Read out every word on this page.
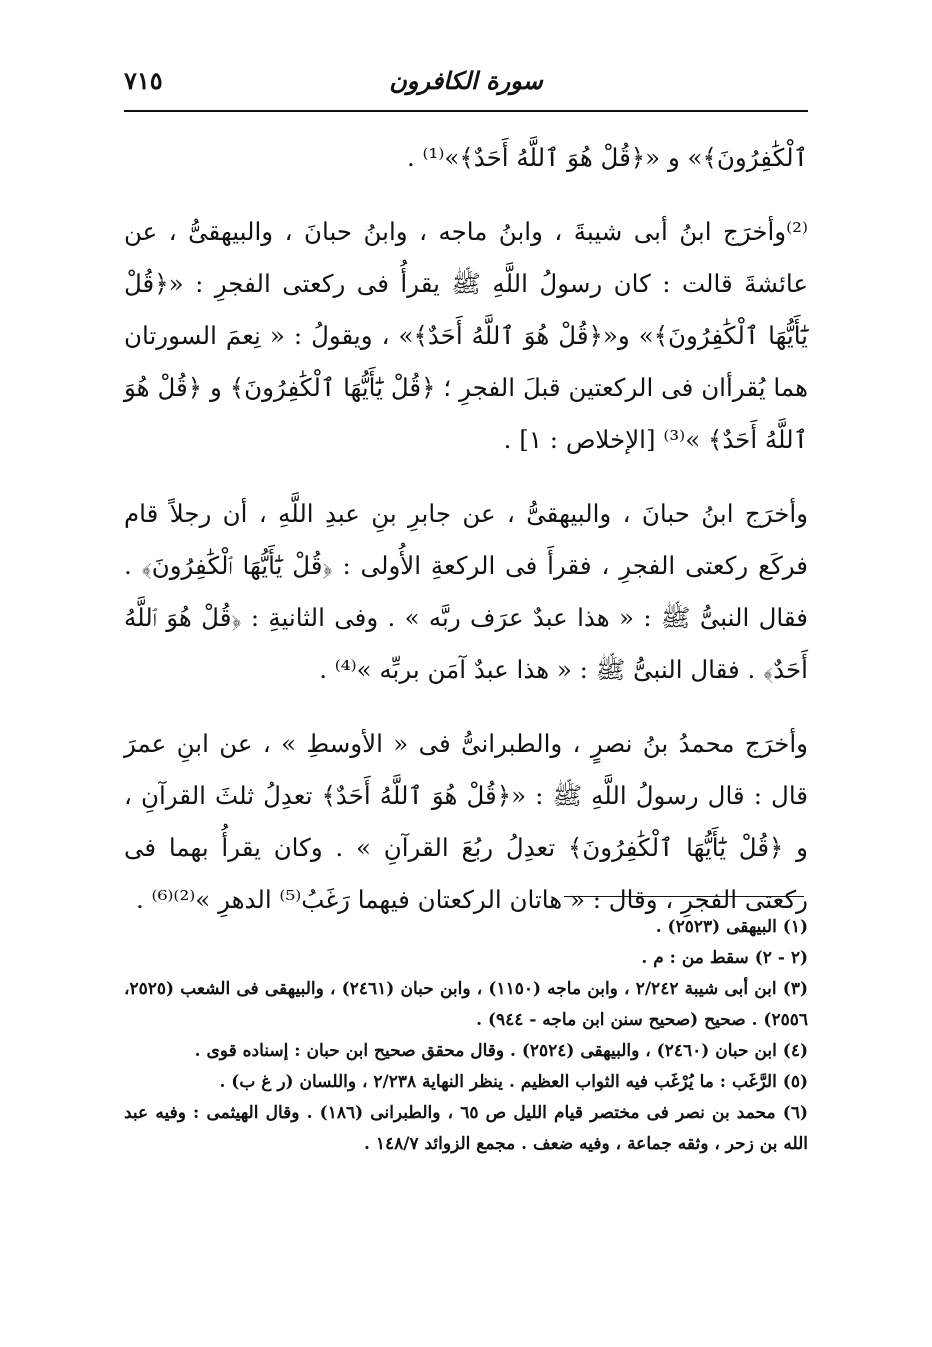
٧١٥	سورة الكافرون

ٱلْكَٰفِرُونَ﴾» و «﴿قُلْ هُوَ ٱللَّهُ أَحَدٌ﴾»⁽¹⁾ .

⁽²⁾وأخرَج ابنُ أبى شيبةَ ، وابنُ ماجه ، وابنُ حبانَ ، والبيهقىُّ ، عن عائشةَ قالت : كان رسولُ اللَّهِ ﷺ يقرأُ فى ركعتى الفجرِ : «﴿قُلْ يَٰٓأَيُّهَا ٱلْكَٰفِرُونَ﴾» و«﴿قُلْ هُوَ ٱللَّهُ أَحَدٌ﴾» ، ويقولُ : « نِعمَ السورتان هما يُقرأان فى الركعتين قبلَ الفجرِ ؛ ﴿قُلْ يَٰٓأَيُّهَا ٱلْكَٰفِرُونَ﴾ و ﴿قُلْ هُوَ ٱللَّهُ أَحَدٌ﴾ »⁽³⁾ [الإخلاص : ١] .

وأخرَج ابنُ حبانَ ، والبيهقىُّ ، عن جابرِ بنِ عبدِ اللَّهِ ، أن رجلاً قام فركَع ركعتى الفجرِ ، فقرأَ فى الركعةِ الأُولى : ﴿قُلْ يَٰٓأَيُّهَا ٱلْكَٰفِرُونَ﴾ . فقال النبىُّ ﷺ : « هذا عبدٌ عرَف ربَّه » . وفى الثانيةِ : ﴿قُلْ هُوَ ٱللَّهُ أَحَدٌ﴾ . فقال النبىُّ ﷺ : « هذا عبدٌ آمَن بربِّه »⁽⁴⁾ .

وأخرَج محمدُ بنُ نصرٍ ، والطبرانىُّ فى « الأوسطِ » ، عن ابنِ عمرَ قال : قال رسولُ اللَّهِ ﷺ : «﴿قُلْ هُوَ ٱللَّهُ أَحَدٌ﴾ تعدِلُ ثلثَ القرآنِ ، و ﴿قُلْ يَٰٓأَيُّهَا ٱلْكَٰفِرُونَ﴾ تعدِلُ ربُعَ القرآنِ » . وكان يقرأُ بهما فى ركعتى الفجرِ ، وقال : « هاتان الركعتان فيهما رَغَبُ⁽⁵⁾ الدهرِ »⁽²⁾⁽⁶⁾ .

(١) البيهقى (٢٥٢٣) .

(٢ - ٢) سقط من : م .

(٣) ابن أبى شيبة ٢/٢٤٢ ، وابن ماجه (١١٥٠) ، وابن حبان (٢٤٦١) ، والبيهقى فى الشعب (٢٥٢٥، ٢٥٥٦) . صحيح (صحيح سنن ابن ماجه - ٩٤٤) .

(٤) ابن حبان (٢٤٦٠) ، والبيهقى (٢٥٢٤) . وقال محقق صحيح ابن حبان : إسناده قوى .

(٥) الرَّغَب : ما يُرْغَب فيه الثواب العظيم . ينظر النهاية ٢/٢٣٨ ، واللسان (ر غ ب) .

(٦) محمد بن نصر فى مختصر قيام الليل ص ٦٥ ، والطبرانى (١٨٦) . وقال الهيثمى : وفيه عبد الله بن زحر ، وثقه جماعة ، وفيه ضعف . مجمع الزوائد ١٤٨/٧ .
